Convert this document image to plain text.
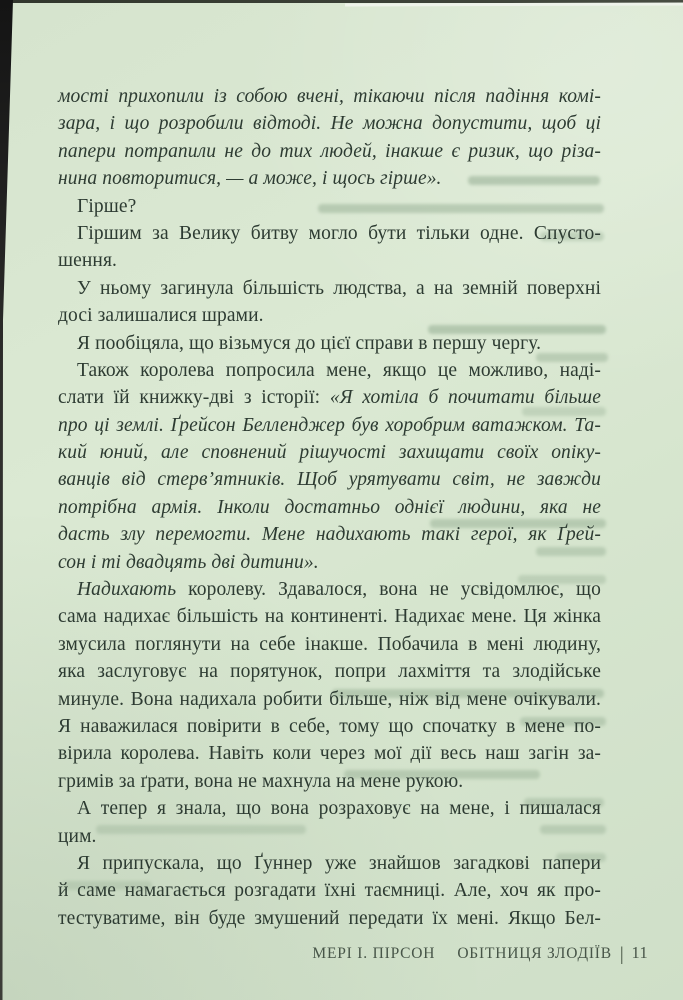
мості прихопили із собою вчені, тікаючи після падіння комі-
зара, і що розробили відтоді. Не можна допустити, щоб ці
папери потрапили не до тих людей, інакше є ризик, що різа-
нина повторитися, — а може, і щось гірше».
Гірше?
Гіршим за Велику битву могло бути тільки одне. Спусто-
шення.
У ньому загинула більшість людства, а на земній поверхні
досі залишалися шрами.
Я пообіцяла, що візьмуся до цієї справи в першу чергу.
Також королева попросила мене, якщо це можливо, наді-
слати їй книжку-дві з історії: «Я хотіла б почитати більше
про ці землі. Ґрейсон Белленджер був хоробрим ватажком. Та-
кий юний, але сповнений рішучості захищати своїх опіку-
ванців від стерв’ятників. Щоб урятувати світ, не завжди
потрібна армія. Інколи достатньо однієї людини, яка не
дасть злу перемогти. Мене надихають такі герої, як Ґрей-
сон і ті двадцять дві дитини».
Надихають королеву. Здавалося, вона не усвідомлює, що
сама надихає більшість на континенті. Надихає мене. Ця жінка
змусила поглянути на себе інакше. Побачила в мені людину,
яка заслуговує на порятунок, попри лахміття та злодійське
минуле. Вона надихала робити більше, ніж від мене очікували.
Я наважилася повірити в себе, тому що спочатку в мене по-
вірила королева. Навіть коли через мої дії весь наш загін за-
гримів за ґрати, вона не махнула на мене рукою.
А тепер я знала, що вона розраховує на мене, і пишалася
цим.
Я припускала, що Ґуннер уже знайшов загадкові папери
й саме намагається розгадати їхні таємниці. Але, хоч як про-
тестуватиме, він буде змушений передати їх мені. Якщо Бел-
МЕРІ І. ПІРСОН ОБІТНИЦЯ ЗЛОДІЇВ | 11
